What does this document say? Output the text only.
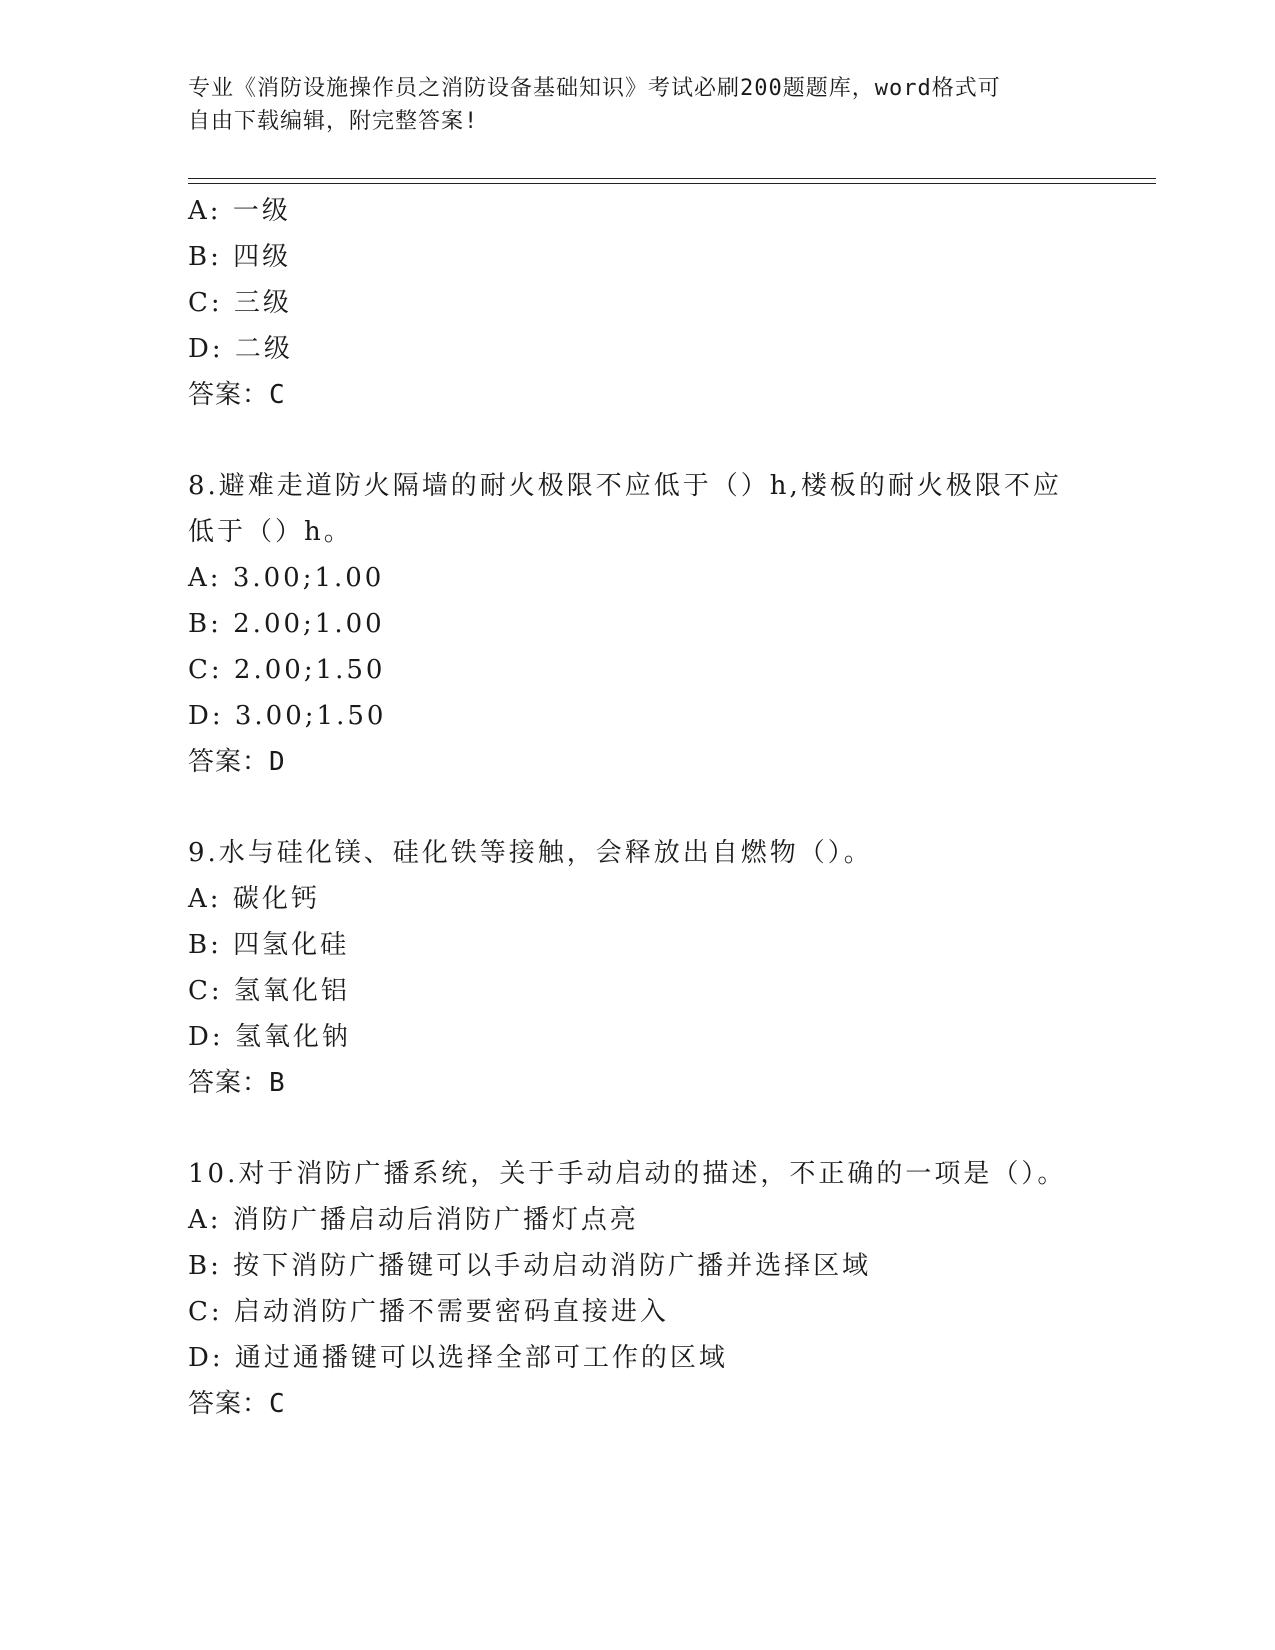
专业《消防设施操作员之消防设备基础知识》考试必刷200题题库，word格式可
自由下载编辑，附完整答案!
A: 一级
B: 四级
C: 三级
D: 二级
答案：C
8.避难走道防火隔墙的耐火极限不应低于（）h,楼板的耐火极限不应
低于（）h。
A: 3.00;1.00
B: 2.00;1.00
C: 2.00;1.50
D: 3.00;1.50
答案：D
9.水与硅化镁、硅化铁等接触，会释放出自燃物（）。
A: 碳化钙
B: 四氢化硅
C: 氢氧化铝
D: 氢氧化钠
答案：B
10.对于消防广播系统，关于手动启动的描述，不正确的一项是（）。
A: 消防广播启动后消防广播灯点亮
B: 按下消防广播键可以手动启动消防广播并选择区域
C: 启动消防广播不需要密码直接进入
D: 通过通播键可以选择全部可工作的区域
答案：C
